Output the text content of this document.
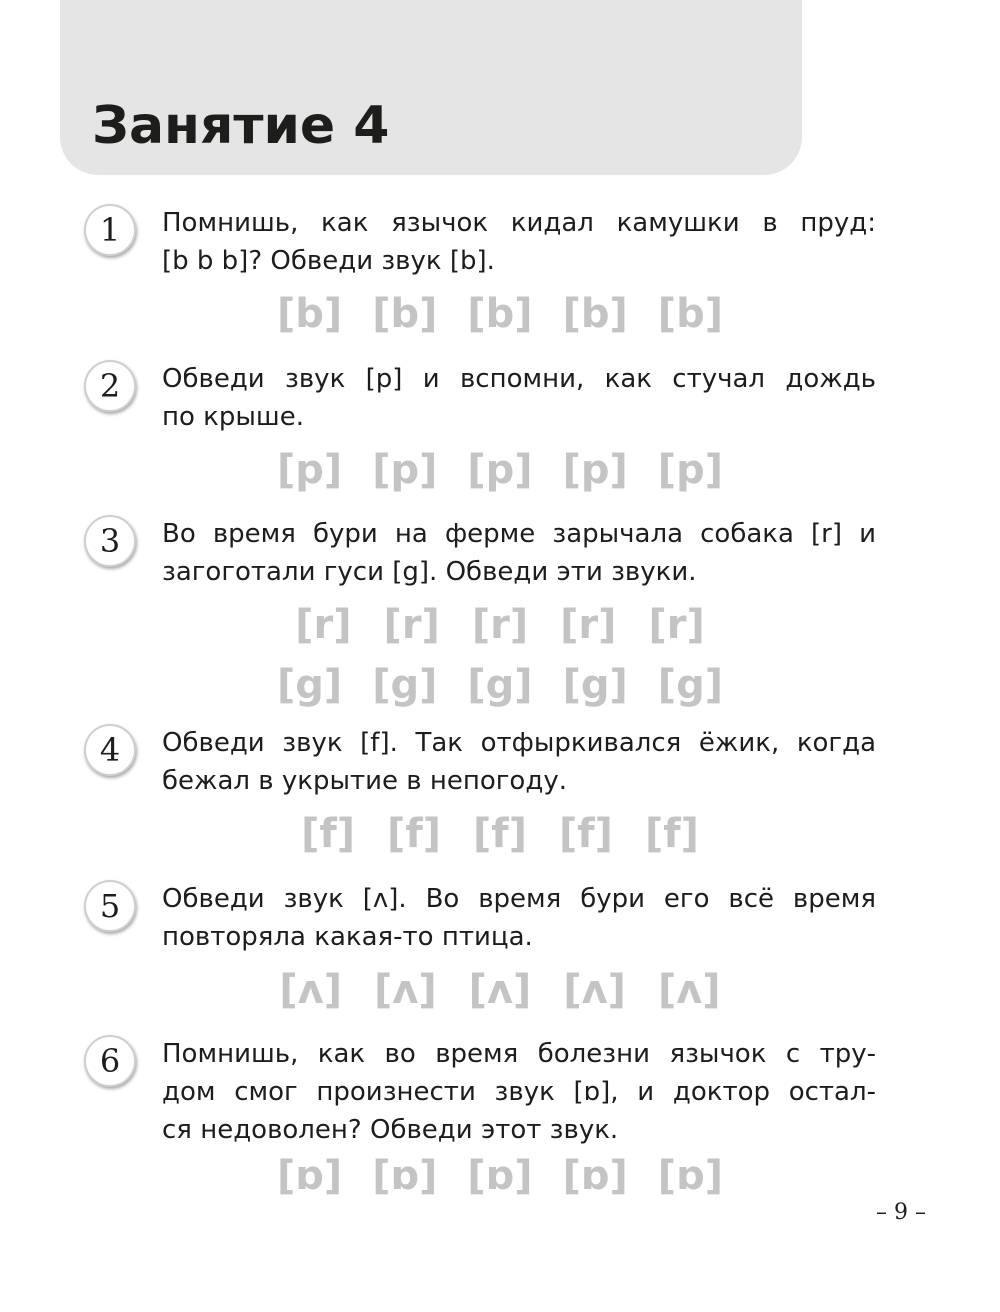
Занятие 4
1	Помнишь, как язычок кидал камушки в пруд:
[b b b]? Обведи звук [b].
[b] [b] [b] [b] [b]
2	Обведи звук [p] и вспомни, как стучал дождь
по крыше.
[p] [p] [p] [p] [p]
3	Во время бури на ферме зарычала собака [r] и
загоготали гуси [g]. Обведи эти звуки.
[r] [r] [r] [r] [r]
[g] [g] [g] [g] [g]
4	Обведи звук [f]. Так отфыркивался ёжик, когда
бежал в укрытие в непогоду.
[f] [f] [f] [f] [f]
5	Обведи звук [ʌ]. Во время бури его всё время
повторяла какая-то птица.
[ʌ] [ʌ] [ʌ] [ʌ] [ʌ]
6	Помнишь, как во время болезни язычок с тру-
дом смог произнести звук [ɒ], и доктор остал-
ся недоволен? Обведи этот звук.
[ɒ] [ɒ] [ɒ] [ɒ] [ɒ]
– 9 –
